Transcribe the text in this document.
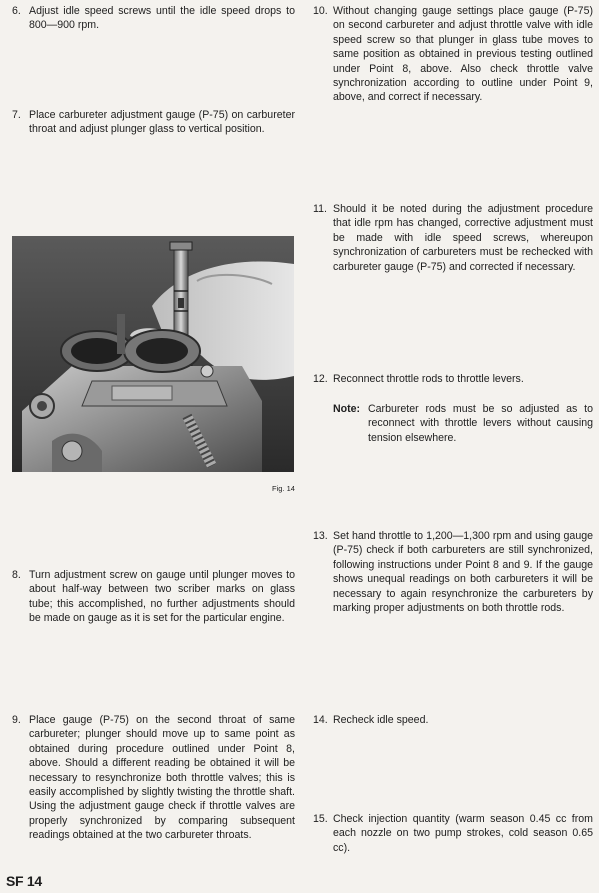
6. Adjust idle speed screws until the idle speed drops to 800—900 rpm.
7. Place carbureter adjustment gauge (P-75) on carbureter throat and adjust plunger glass to vertical position.
Fig. 14
8. Turn adjustment screw on gauge until plunger moves to about half-way between two scriber marks on glass tube; this accomplished, no further adjustments should be made on gauge as it is set for the particular engine.
9. Place gauge (P-75) on the second throat of same carbureter; plunger should move up to same point as obtained during procedure outlined under Point 8, above. Should a different reading be obtained it will be necessary to resynchronize both throttle valves; this is easily accomplished by slightly twisting the throttle shaft. Using the adjustment gauge check if throttle valves are properly synchronized by comparing subsequent readings obtained at the two carbureter throats.
10. Without changing gauge settings place gauge (P-75) on second carbureter and adjust throttle valve with idle speed screw so that plunger in glass tube moves to same position as obtained in previous testing outlined under Point 8, above. Also check throttle valve synchronization according to outline under Point 9, above, and correct if necessary.
11. Should it be noted during the adjustment procedure that idle rpm has changed, corrective adjustment must be made with idle speed screws, whereupon synchronization of carbureters must be rechecked with carbureter gauge (P-75) and corrected if necessary.
12. Reconnect throttle rods to throttle levers.
Note: Carbureter rods must be so adjusted as to reconnect with throttle levers without causing tension elsewhere.
13. Set hand throttle to 1,200—1,300 rpm and using gauge (P-75) check if both carbureters are still synchronized, following instructions under Point 8 and 9. If the gauge shows unequal readings on both carbureters it will be necessary to again resynchronize the carbureters by marking proper adjustments on both throttle rods.
14. Recheck idle speed.
15. Check injection quantity (warm season 0.45 cc from each nozzle on two pump strokes, cold season 0.65 cc).
SF 14
